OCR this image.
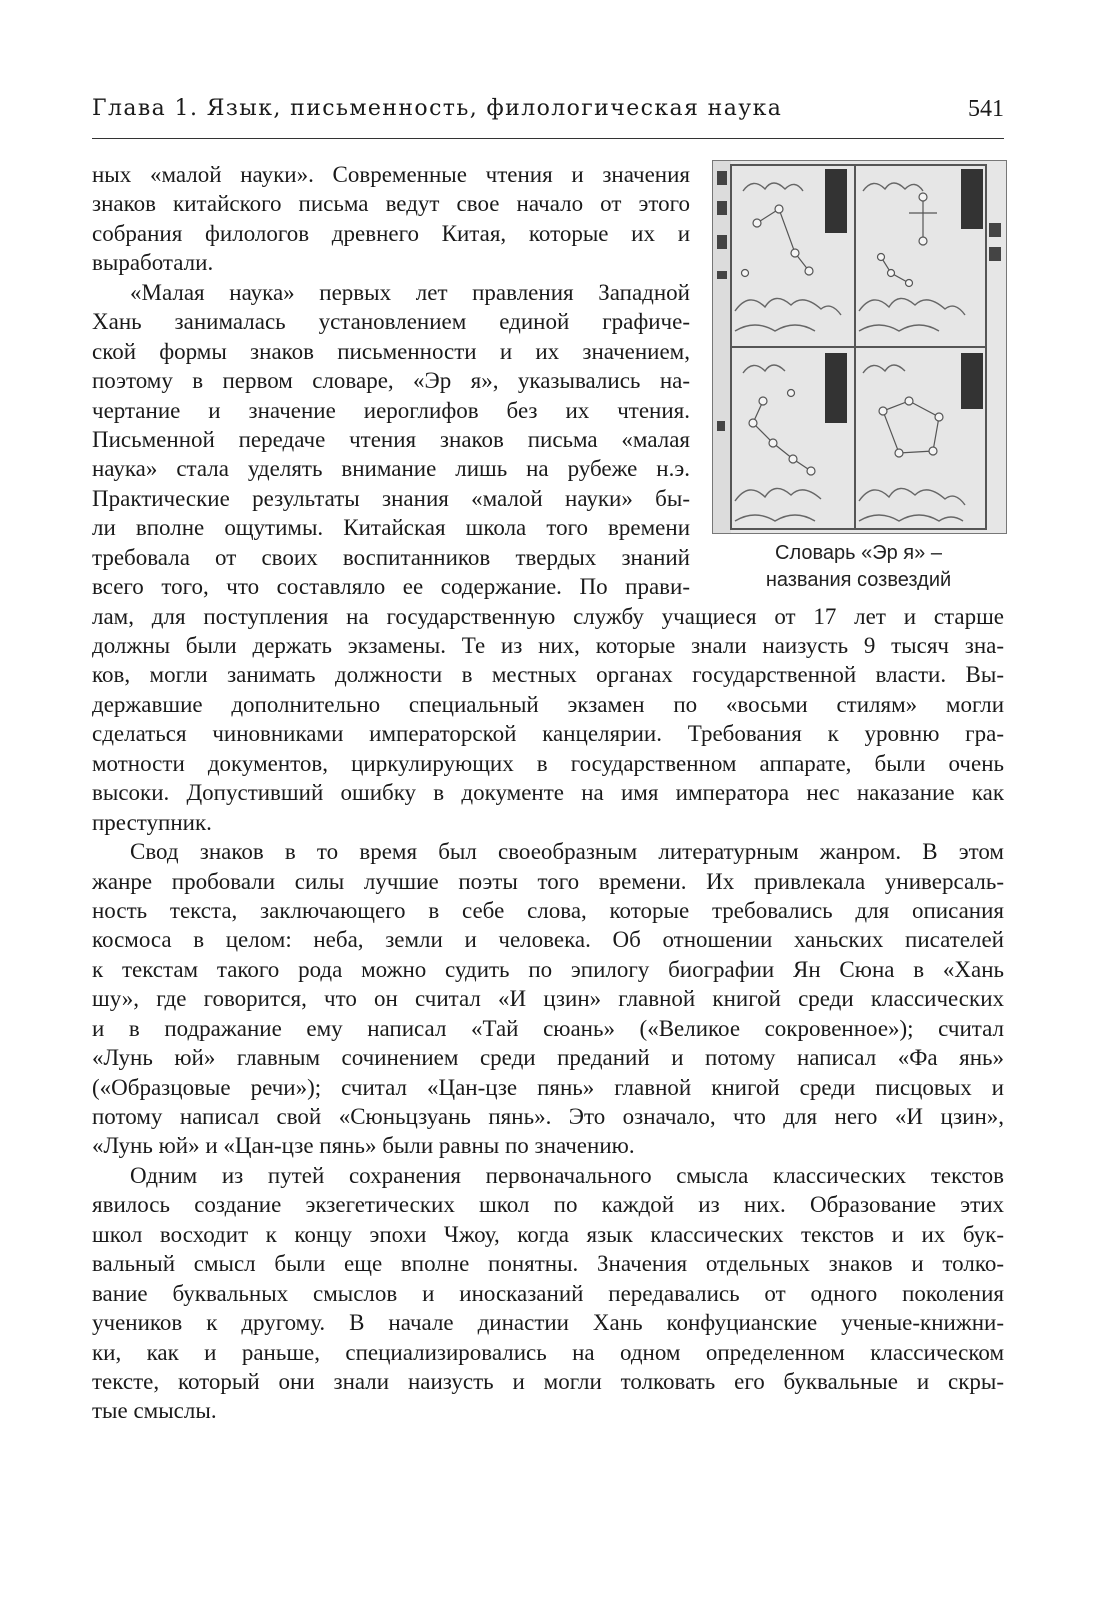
Глава 1. Язык, письменность, филологическая наука	541
Словарь «Эр я» –
названия созвездий
ных «малой науки». Современные чтения и значения
знаков китайского письма ведут свое начало от этого
собрания филологов древнего Китая, которые их и
выработали.
«Малая наука» первых лет правления Западной
Хань занималась установлением единой графиче-
ской формы знаков письменности и их значением,
поэтому в первом словаре, «Эр я», указывались на-
чертание и значение иероглифов без их чтения.
Письменной передаче чтения знаков письма «малая
наука» стала уделять внимание лишь на рубеже н.э.
Практические результаты знания «малой науки» бы-
ли вполне ощутимы. Китайская школа того времени
требовала от своих воспитанников твердых знаний
всего того, что составляло ее содержание. По прави-
лам, для поступления на государственную службу учащиеся от 17 лет и старше
должны были держать экзамены. Те из них, которые знали наизусть 9 тысяч зна-
ков, могли занимать должности в местных органах государственной власти. Вы-
державшие дополнительно специальный экзамен по «восьми стилям» могли
сделаться чиновниками императорской канцелярии. Требования к уровню гра-
мотности документов, циркулирующих в государственном аппарате, были очень
высоки. Допустивший ошибку в документе на имя императора нес наказание как
преступник.
Свод знаков в то время был своеобразным литературным жанром. В этом
жанре пробовали силы лучшие поэты того времени. Их привлекала универсаль-
ность текста, заключающего в себе слова, которые требовались для описания
космоса в целом: неба, земли и человека. Об отношении ханьских писателей
к текстам такого рода можно судить по эпилогу биографии Ян Сюна в «Хань
шу», где говорится, что он считал «И цзин» главной книгой среди классических
и в подражание ему написал «Тай сюань» («Великое сокровенное»); считал
«Лунь юй» главным сочинением среди преданий и потому написал «Фа янь»
(«Образцовые речи»); считал «Цан-цзе пянь» главной книгой среди писцовых и
потому написал свой «Сюньцзуань пянь». Это означало, что для него «И цзин»,
«Лунь юй» и «Цан-цзе пянь» были равны по значению.
Одним из путей сохранения первоначального смысла классических текстов
явилось создание экзегетических школ по каждой из них. Образование этих
школ восходит к концу эпохи Чжоу, когда язык классических текстов и их бук-
вальный смысл были еще вполне понятны. Значения отдельных знаков и толко-
вание буквальных смыслов и иносказаний передавались от одного поколения
учеников к другому. В начале династии Хань конфуцианские ученые-книжни-
ки, как и раньше, специализировались на одном определенном классическом
тексте, который они знали наизусть и могли толковать его буквальные и скры-
тые смыслы.
